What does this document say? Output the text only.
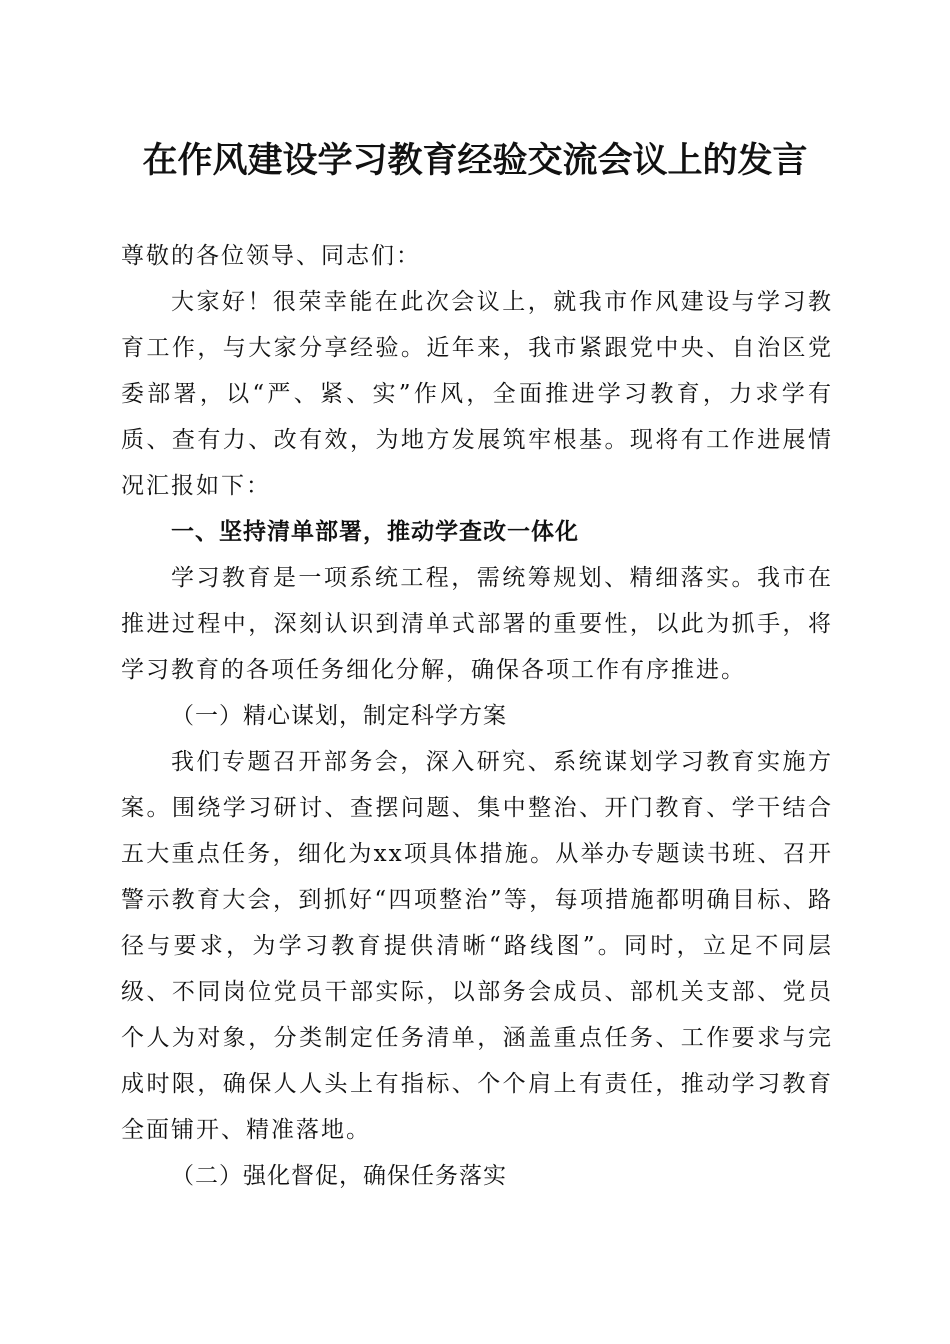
在作风建设学习教育经验交流会议上的发言

尊敬的各位领导、同志们：

大家好！很荣幸能在此次会议上，就我市作风建设与学习教育工作，与大家分享经验。近年来，我市紧跟党中央、自治区党委部署，以“严、紧、实”作风，全面推进学习教育，力求学有质、查有力、改有效，为地方发展筑牢根基。现将有工作进展情况汇报如下：

一、坚持清单部署，推动学查改一体化

学习教育是一项系统工程，需统筹规划、精细落实。我市在推进过程中，深刻认识到清单式部署的重要性，以此为抓手，将学习教育的各项任务细化分解，确保各项工作有序推进。

（一）精心谋划，制定科学方案

我们专题召开部务会，深入研究、系统谋划学习教育实施方案。围绕学习研讨、查摆问题、集中整治、开门教育、学干结合五大重点任务，细化为xx项具体措施。从举办专题读书班、召开警示教育大会，到抓好“四项整治”等，每项措施都明确目标、路径与要求，为学习教育提供清晰“路线图”。同时，立足不同层级、不同岗位党员干部实际，以部务会成员、部机关支部、党员个人为对象，分类制定任务清单，涵盖重点任务、工作要求与完成时限，确保人人头上有指标、个个肩上有责任，推动学习教育全面铺开、精准落地。

（二）强化督促，确保任务落实
